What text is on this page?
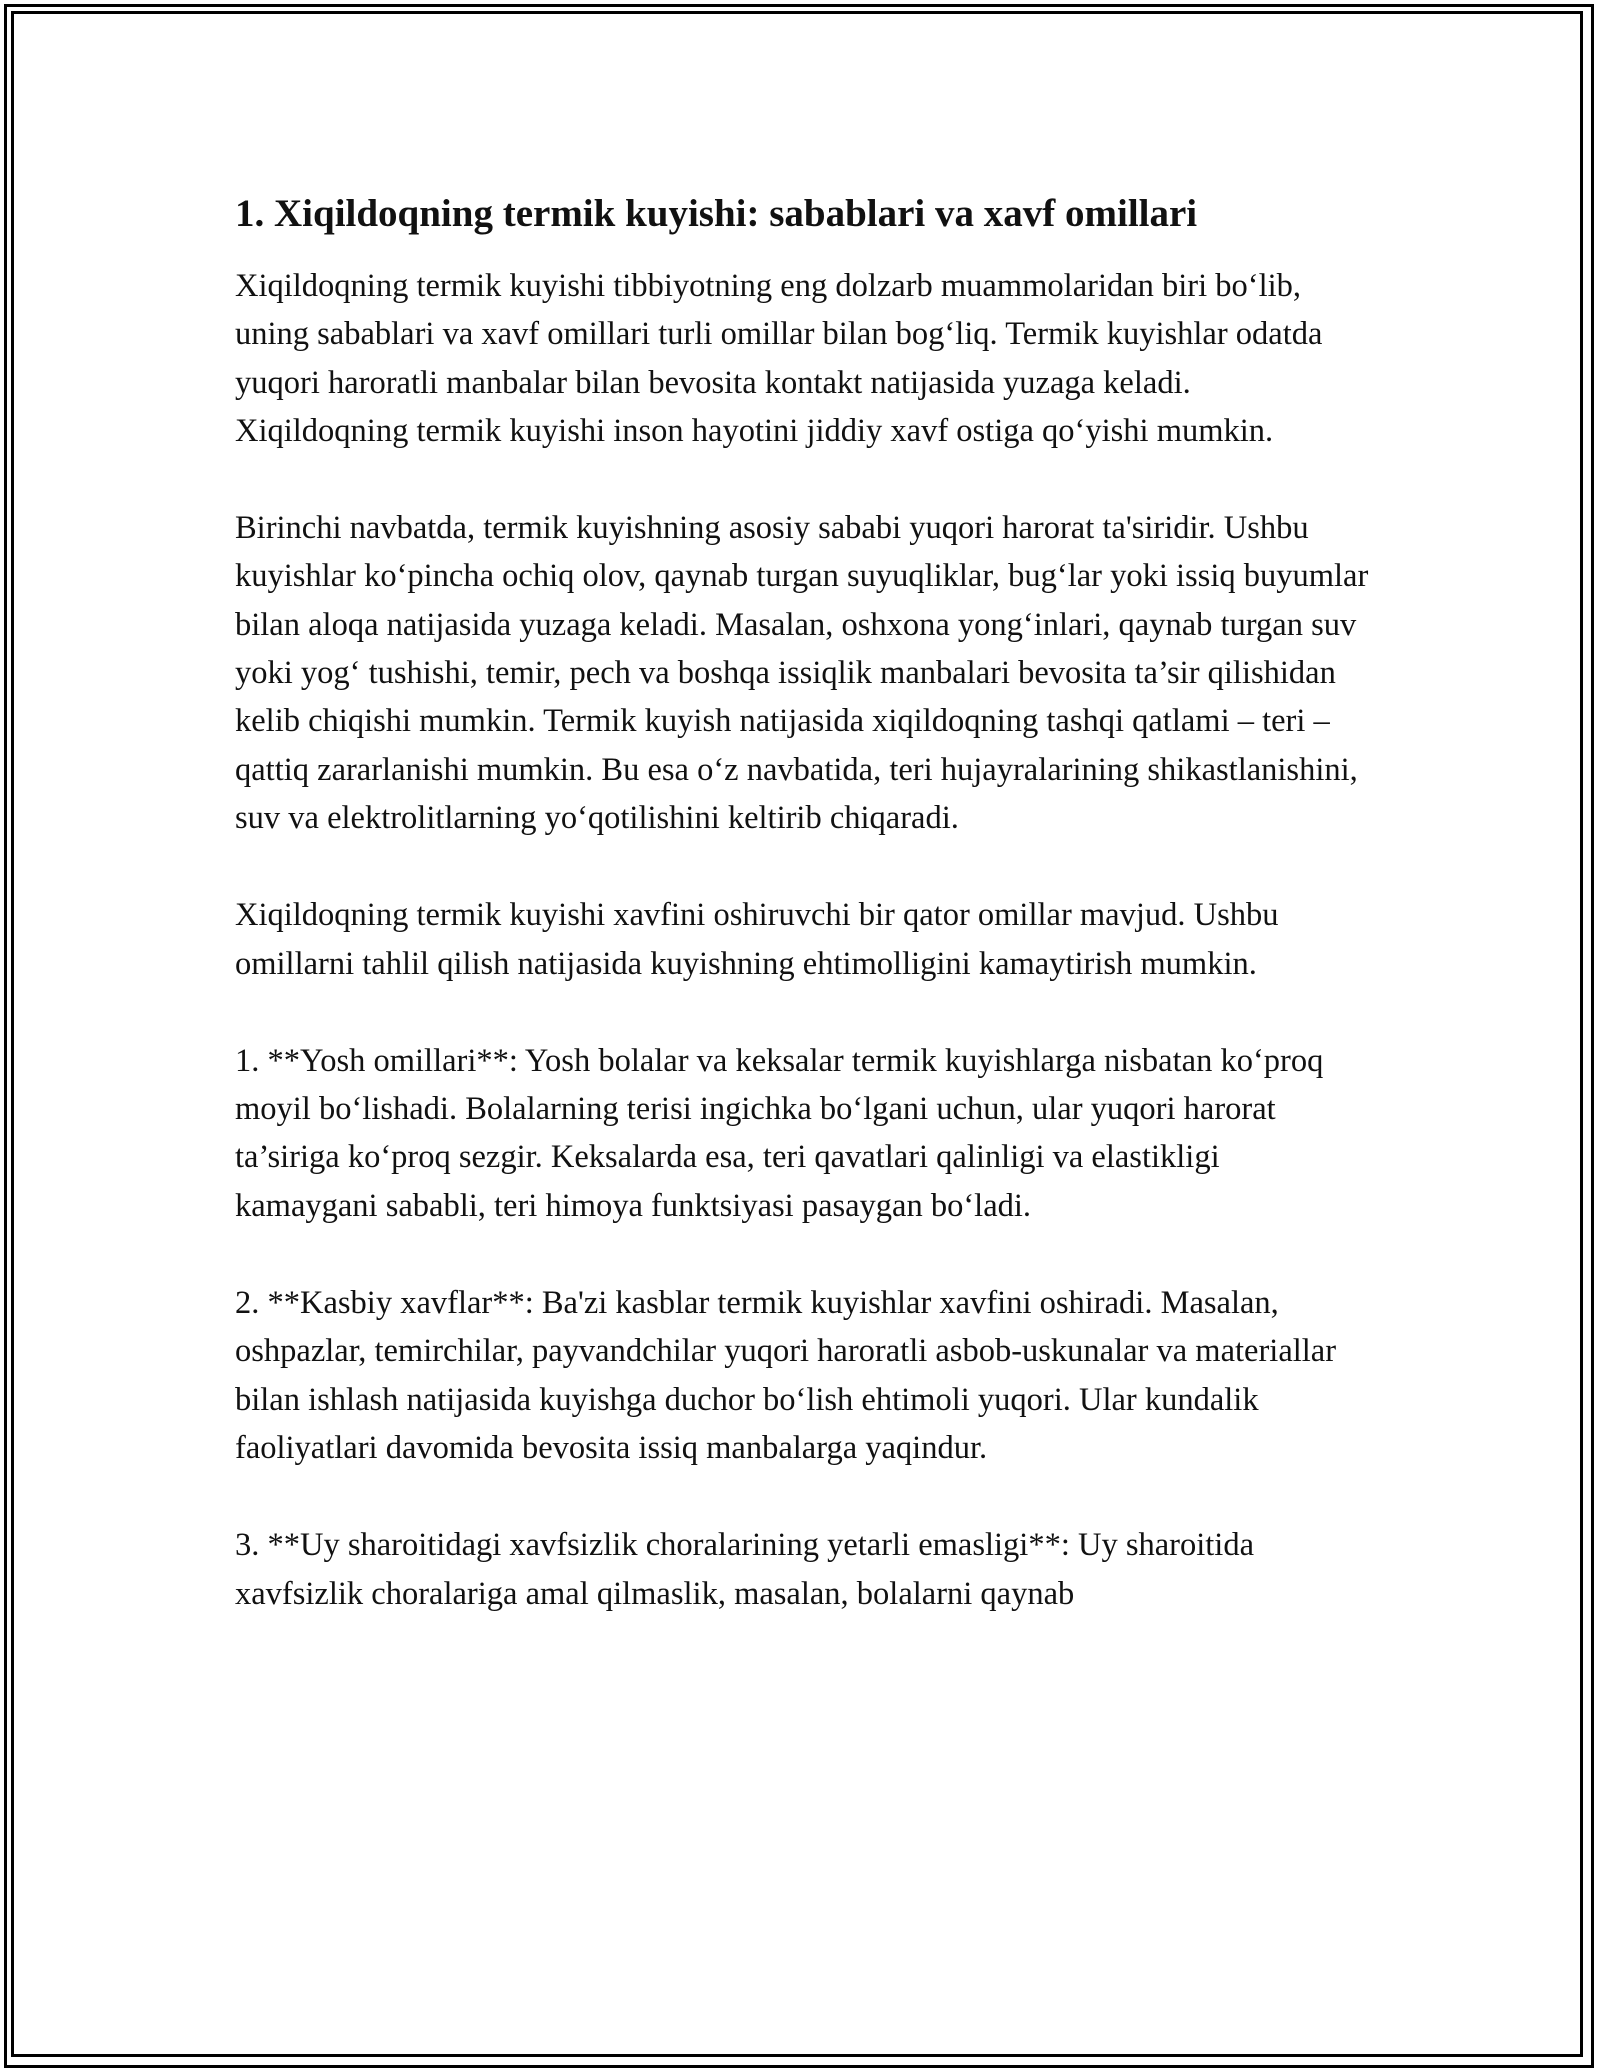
1. Xiqildoqning termik kuyishi: sabablari va xavf omillari

Xiqildoqning termik kuyishi tibbiyotning eng dolzarb muammolaridan biri bo‘lib, uning sabablari va xavf omillari turli omillar bilan bog‘liq. Termik kuyishlar odatda yuqori haroratli manbalar bilan bevosita kontakt natijasida yuzaga keladi. Xiqildoqning termik kuyishi inson hayotini jiddiy xavf ostiga qo‘yishi mumkin.

Birinchi navbatda, termik kuyishning asosiy sababi yuqori harorat ta'siridir. Ushbu kuyishlar ko‘pincha ochiq olov, qaynab turgan suyuqliklar, bug‘lar yoki issiq buyumlar bilan aloqa natijasida yuzaga keladi. Masalan, oshxona yong‘inlari, qaynab turgan suv yoki yog‘ tushishi, temir, pech va boshqa issiqlik manbalari bevosita ta’sir qilishidan kelib chiqishi mumkin. Termik kuyish natijasida xiqildoqning tashqi qatlami – teri – qattiq zararlanishi mumkin. Bu esa o‘z navbatida, teri hujayralarining shikastlanishini, suv va elektrolitlarning yo‘qotilishini keltirib chiqaradi.

Xiqildoqning termik kuyishi xavfini oshiruvchi bir qator omillar mavjud. Ushbu omillarni tahlil qilish natijasida kuyishning ehtimolligini kamaytirish mumkin.

1. **Yosh omillari**: Yosh bolalar va keksalar termik kuyishlarga nisbatan ko‘proq moyil bo‘lishadi. Bolalarning terisi ingichka bo‘lgani uchun, ular yuqori harorat ta’siriga ko‘proq sezgir. Keksalarda esa, teri qavatlari qalinligi va elastikligi kamaygani sababli, teri himoya funktsiyasi pasaygan bo‘ladi.

2. **Kasbiy xavflar**: Ba'zi kasblar termik kuyishlar xavfini oshiradi. Masalan, oshpazlar, temirchilar, payvandchilar yuqori haroratli asbob-uskunalar va materiallar bilan ishlash natijasida kuyishga duchor bo‘lish ehtimoli yuqori. Ular kundalik faoliyatlari davomida bevosita issiq manbalarga yaqindur.

3. **Uy sharoitidagi xavfsizlik choralarining yetarli emasligi**: Uy sharoitida xavfsizlik choralariga amal qilmaslik, masalan, bolalarni qaynab
